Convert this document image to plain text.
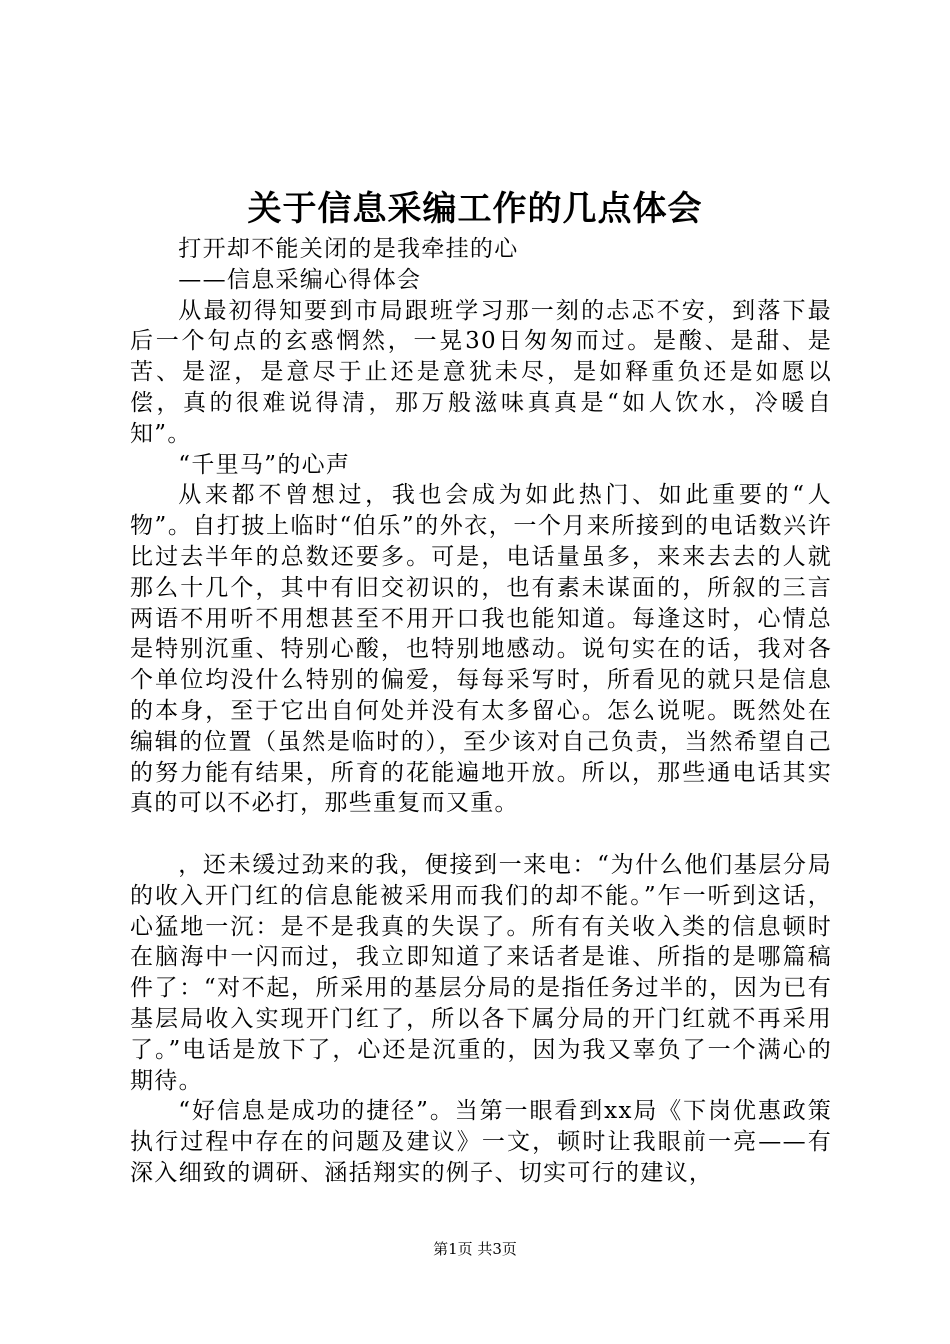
关于信息采编工作的几点体会

打开却不能关闭的是我牵挂的心

——信息采编心得体会

从最初得知要到市局跟班学习那一刻的忐忑不安，到落下最后一个句点的玄惑惘然，一晃30日匆匆而过。是酸、是甜、是苦、是涩，是意尽于止还是意犹未尽，是如释重负还是如愿以偿，真的很难说得清，那万般滋味真真是“如人饮水，冷暖自知”。

“千里马”的心声

从来都不曾想过，我也会成为如此热门、如此重要的“人物”。自打披上临时“伯乐”的外衣，一个月来所接到的电话数兴许比过去半年的总数还要多。可是，电话量虽多，来来去去的人就那么十几个，其中有旧交初识的，也有素未谋面的，所叙的三言两语不用听不用想甚至不用开口我也能知道。每逢这时，心情总是特别沉重、特别心酸，也特别地感动。说句实在的话，我对各个单位均没什么特别的偏爱，每每采写时，所看见的就只是信息的本身，至于它出自何处并没有太多留心。怎么说呢。既然处在编辑的位置（虽然是临时的），至少该对自己负责，当然希望自己的努力能有结果，所育的花能遍地开放。所以，那些通电话其实真的可以不必打，那些重复而又重。

，还未缓过劲来的我，便接到一来电：“为什么他们基层分局的收入开门红的信息能被采用而我们的却不能。”乍一听到这话，心猛地一沉：是不是我真的失误了。所有有关收入类的信息顿时在脑海中一闪而过，我立即知道了来话者是谁、所指的是哪篇稿件了：“对不起，所采用的基层分局的是指任务过半的，因为已有基层局收入实现开门红了，所以各下属分局的开门红就不再采用了。”电话是放下了，心还是沉重的，因为我又辜负了一个满心的期待。

“好信息是成功的捷径”。当第一眼看到xx局《下岗优惠政策执行过程中存在的问题及建议》一文，顿时让我眼前一亮——有深入细致的调研、涵括翔实的例子、切实可行的建议，

第1页 共3页
